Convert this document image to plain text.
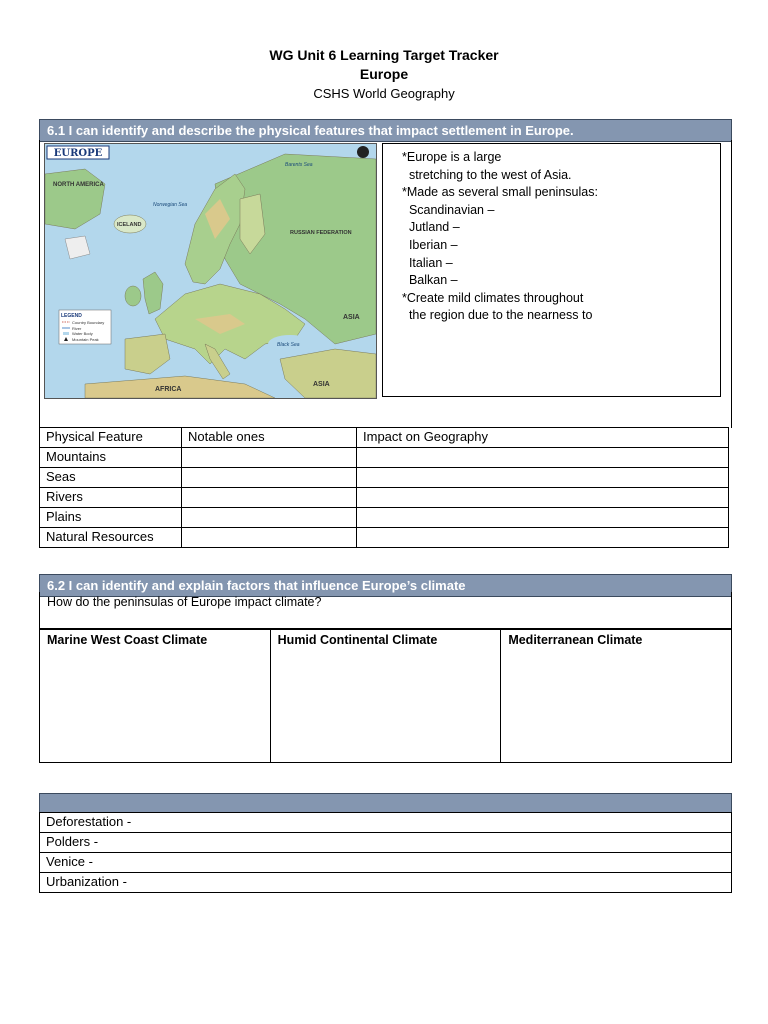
WG Unit 6 Learning Target Tracker
Europe
CSHS World Geography
6.1 I can identify and describe the physical features that impact settlement in Europe.
EUROPE
NORTH AMERICA
ICELAND
RUSSIAN FEDERATION
ASIA
AFRICA
ASIA
Black Sea
Norwegian Sea
Barents Sea
LEGEND
Country Boundary
River
Water Body
Mountain Peak
*Europe is a large
stretching to the west of Asia.
*Made as several small peninsulas:
Scandinavian –
Jutland –
Iberian –
Italian –
Balkan –
*Create mild climates throughout
the region due to the nearness to
Physical Feature	Notable ones	Impact on Geography
Mountains		
Seas		
Rivers		
Plains		
Natural Resources		
6.2 I can identify and explain factors that influence Europe’s climate
How do the peninsulas of Europe impact climate?
Marine West Coast Climate	Humid Continental Climate	Mediterranean Climate
Deforestation -
Polders -
Venice -
Urbanization -
